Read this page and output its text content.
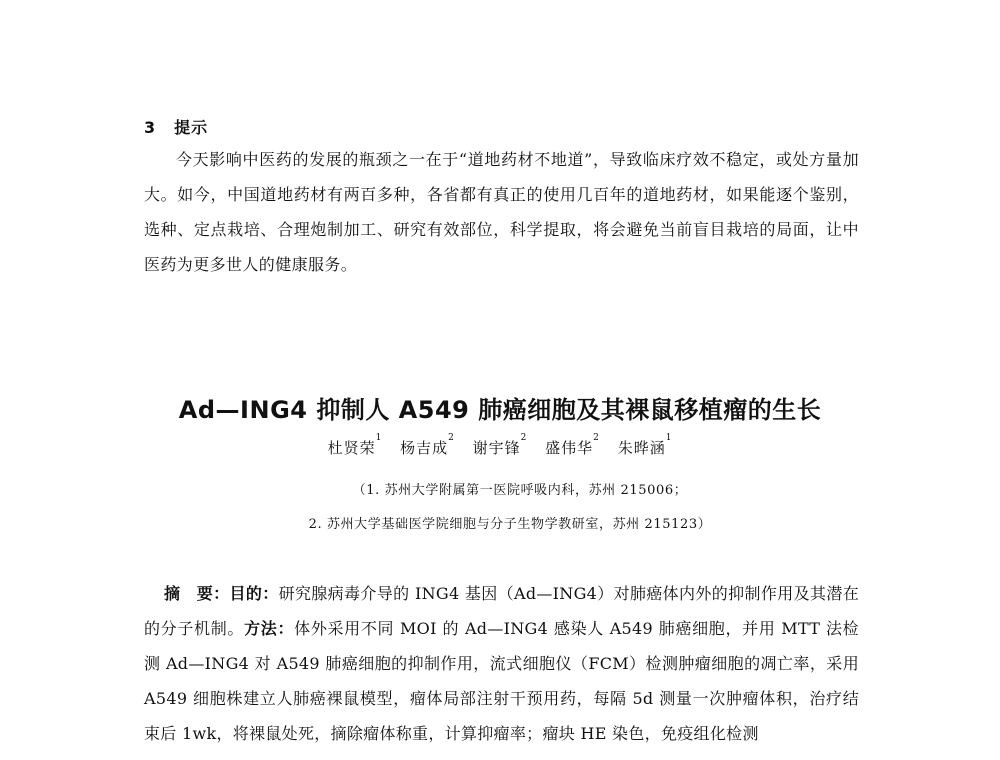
3 提示

今天影响中医药的发展的瓶颈之一在于“道地药材不地道”，导致临床疗效不稳定，或处方量加大。如今，中国道地药材有两百多种，各省都有真正的使用几百年的道地药材，如果能逐个鉴别，选种、定点栽培、合理炮制加工、研究有效部位，科学提取，将会避免当前盲目栽培的局面，让中医药为更多世人的健康服务。

Ad—ING4 抑制人 A549 肺癌细胞及其裸鼠移植瘤的生长
杜贤荣$^1$ 杨吉成$^2$ 谢宇锋$^2$ 盛伟华$^2$ 朱晔涵$^1$
（1. 苏州大学附属第一医院呼吸内科，苏州 215006；
2. 苏州大学基础医学院细胞与分子生物学教研室，苏州 215123）

摘　要：目的：研究腺病毒介导的 ING4 基因（Ad—ING4）对肺癌体内外的抑制作用及其潜在的分子机制。方法：体外采用不同 MOI 的 Ad—ING4 感染人 A549 肺癌细胞，并用 MTT 法检测 Ad—ING4 对 A549 肺癌细胞的抑制作用，流式细胞仪（FCM）检测肿瘤细胞的凋亡率，采用 A549 细胞株建立人肺癌裸鼠模型，瘤体局部注射干预用药，每隔 5d 测量一次肿瘤体积，治疗结束后 1wk，将裸鼠处死，摘除瘤体称重，计算抑瘤率；瘤块 HE 染色，免疫组化检测
